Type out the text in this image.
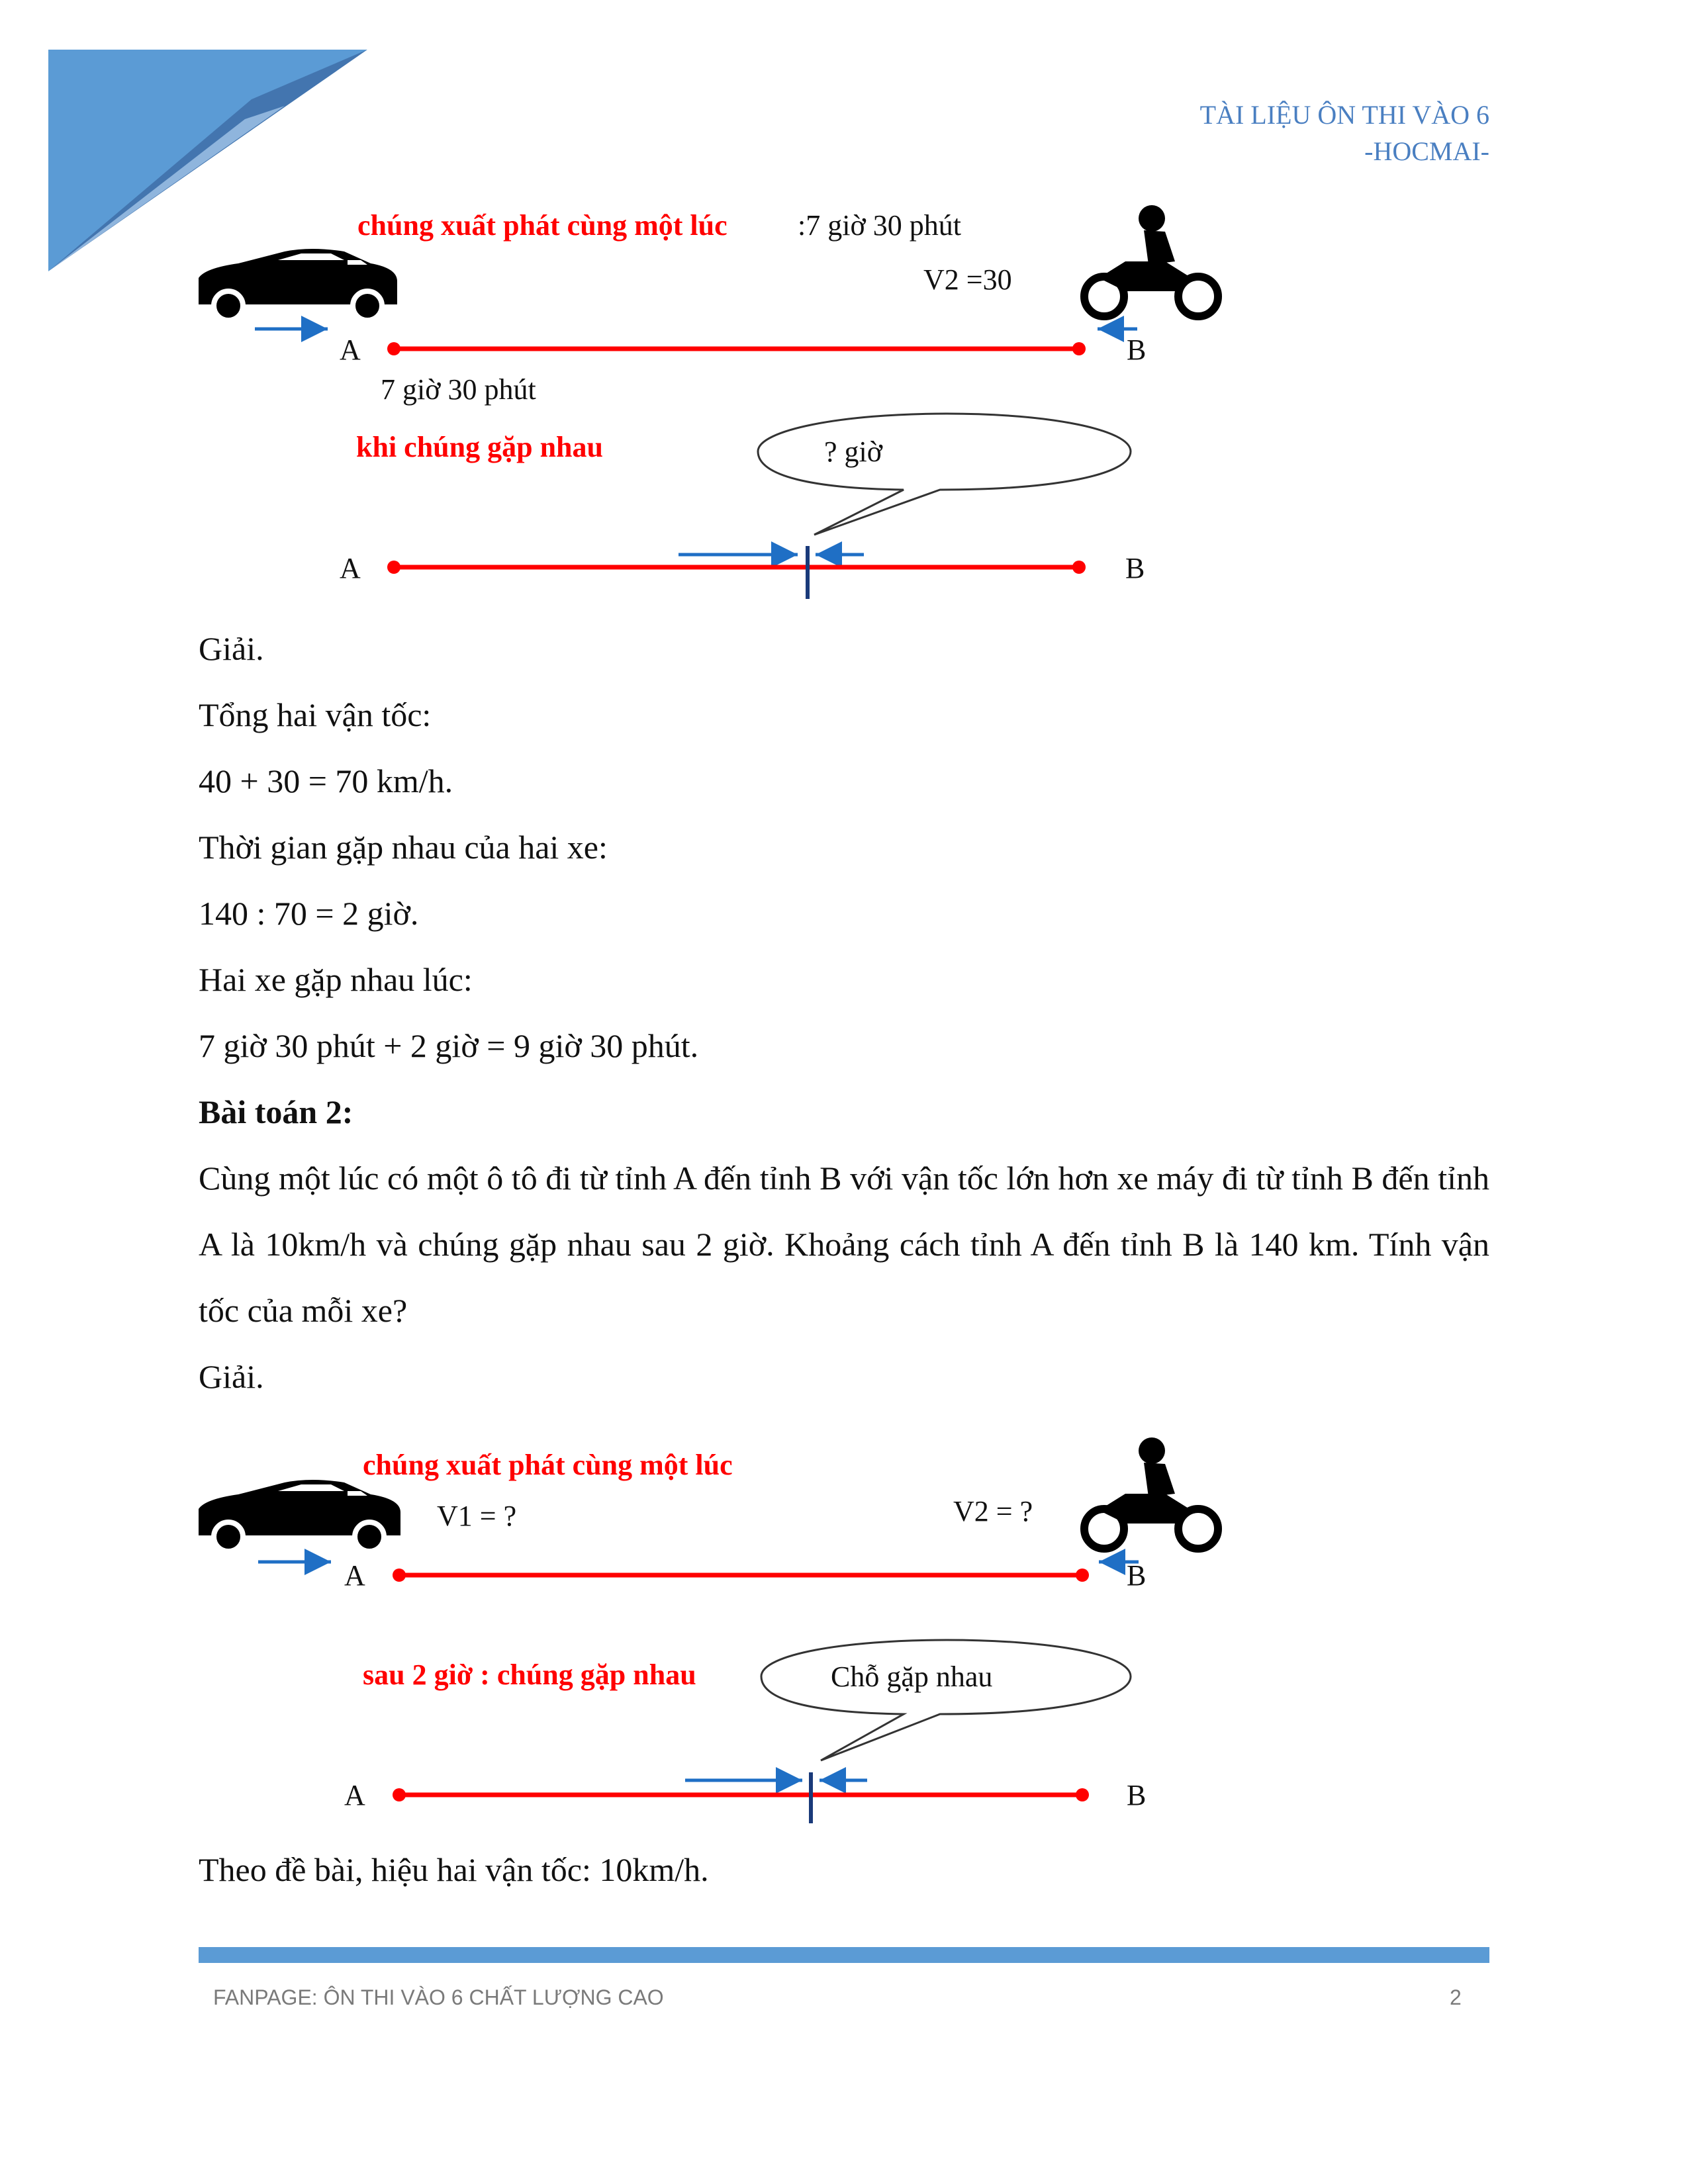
TÀI LIỆU ÔN THI VÀO 6
-HOCMAI-
chúng xuất phát cùng một lúc :7 giờ 30 phút
V2 =30
A	B
7 giờ 30 phút
khi chúng gặp nhau	? giờ
A	B

Giải.

Tổng hai vận tốc:

40 + 30 = 70 km/h.

Thời gian gặp nhau của hai xe:

140 : 70 = 2 giờ.

Hai xe gặp nhau lúc:

7 giờ 30 phút + 2 giờ = 9 giờ 30 phút.

Bài toán 2:

Cùng một lúc có một ô tô đi từ tỉnh A đến tỉnh B với vận tốc lớn hơn xe máy đi từ tỉnh B đến tỉnh A là 10km/h và chúng gặp nhau sau 2 giờ. Khoảng cách tỉnh A đến tỉnh B là 140 km. Tính vận tốc của mỗi xe?

Giải.

chúng xuất phát cùng một lúc
V1 = ?	V2 = ?
A	B
sau 2 giờ : chúng gặp nhau	Chỗ gặp nhau
A	B

Theo đề bài, hiệu hai vận tốc: 10km/h.

FANPAGE: ÔN THI VÀO 6 CHẤT LƯỢNG CAO	2
